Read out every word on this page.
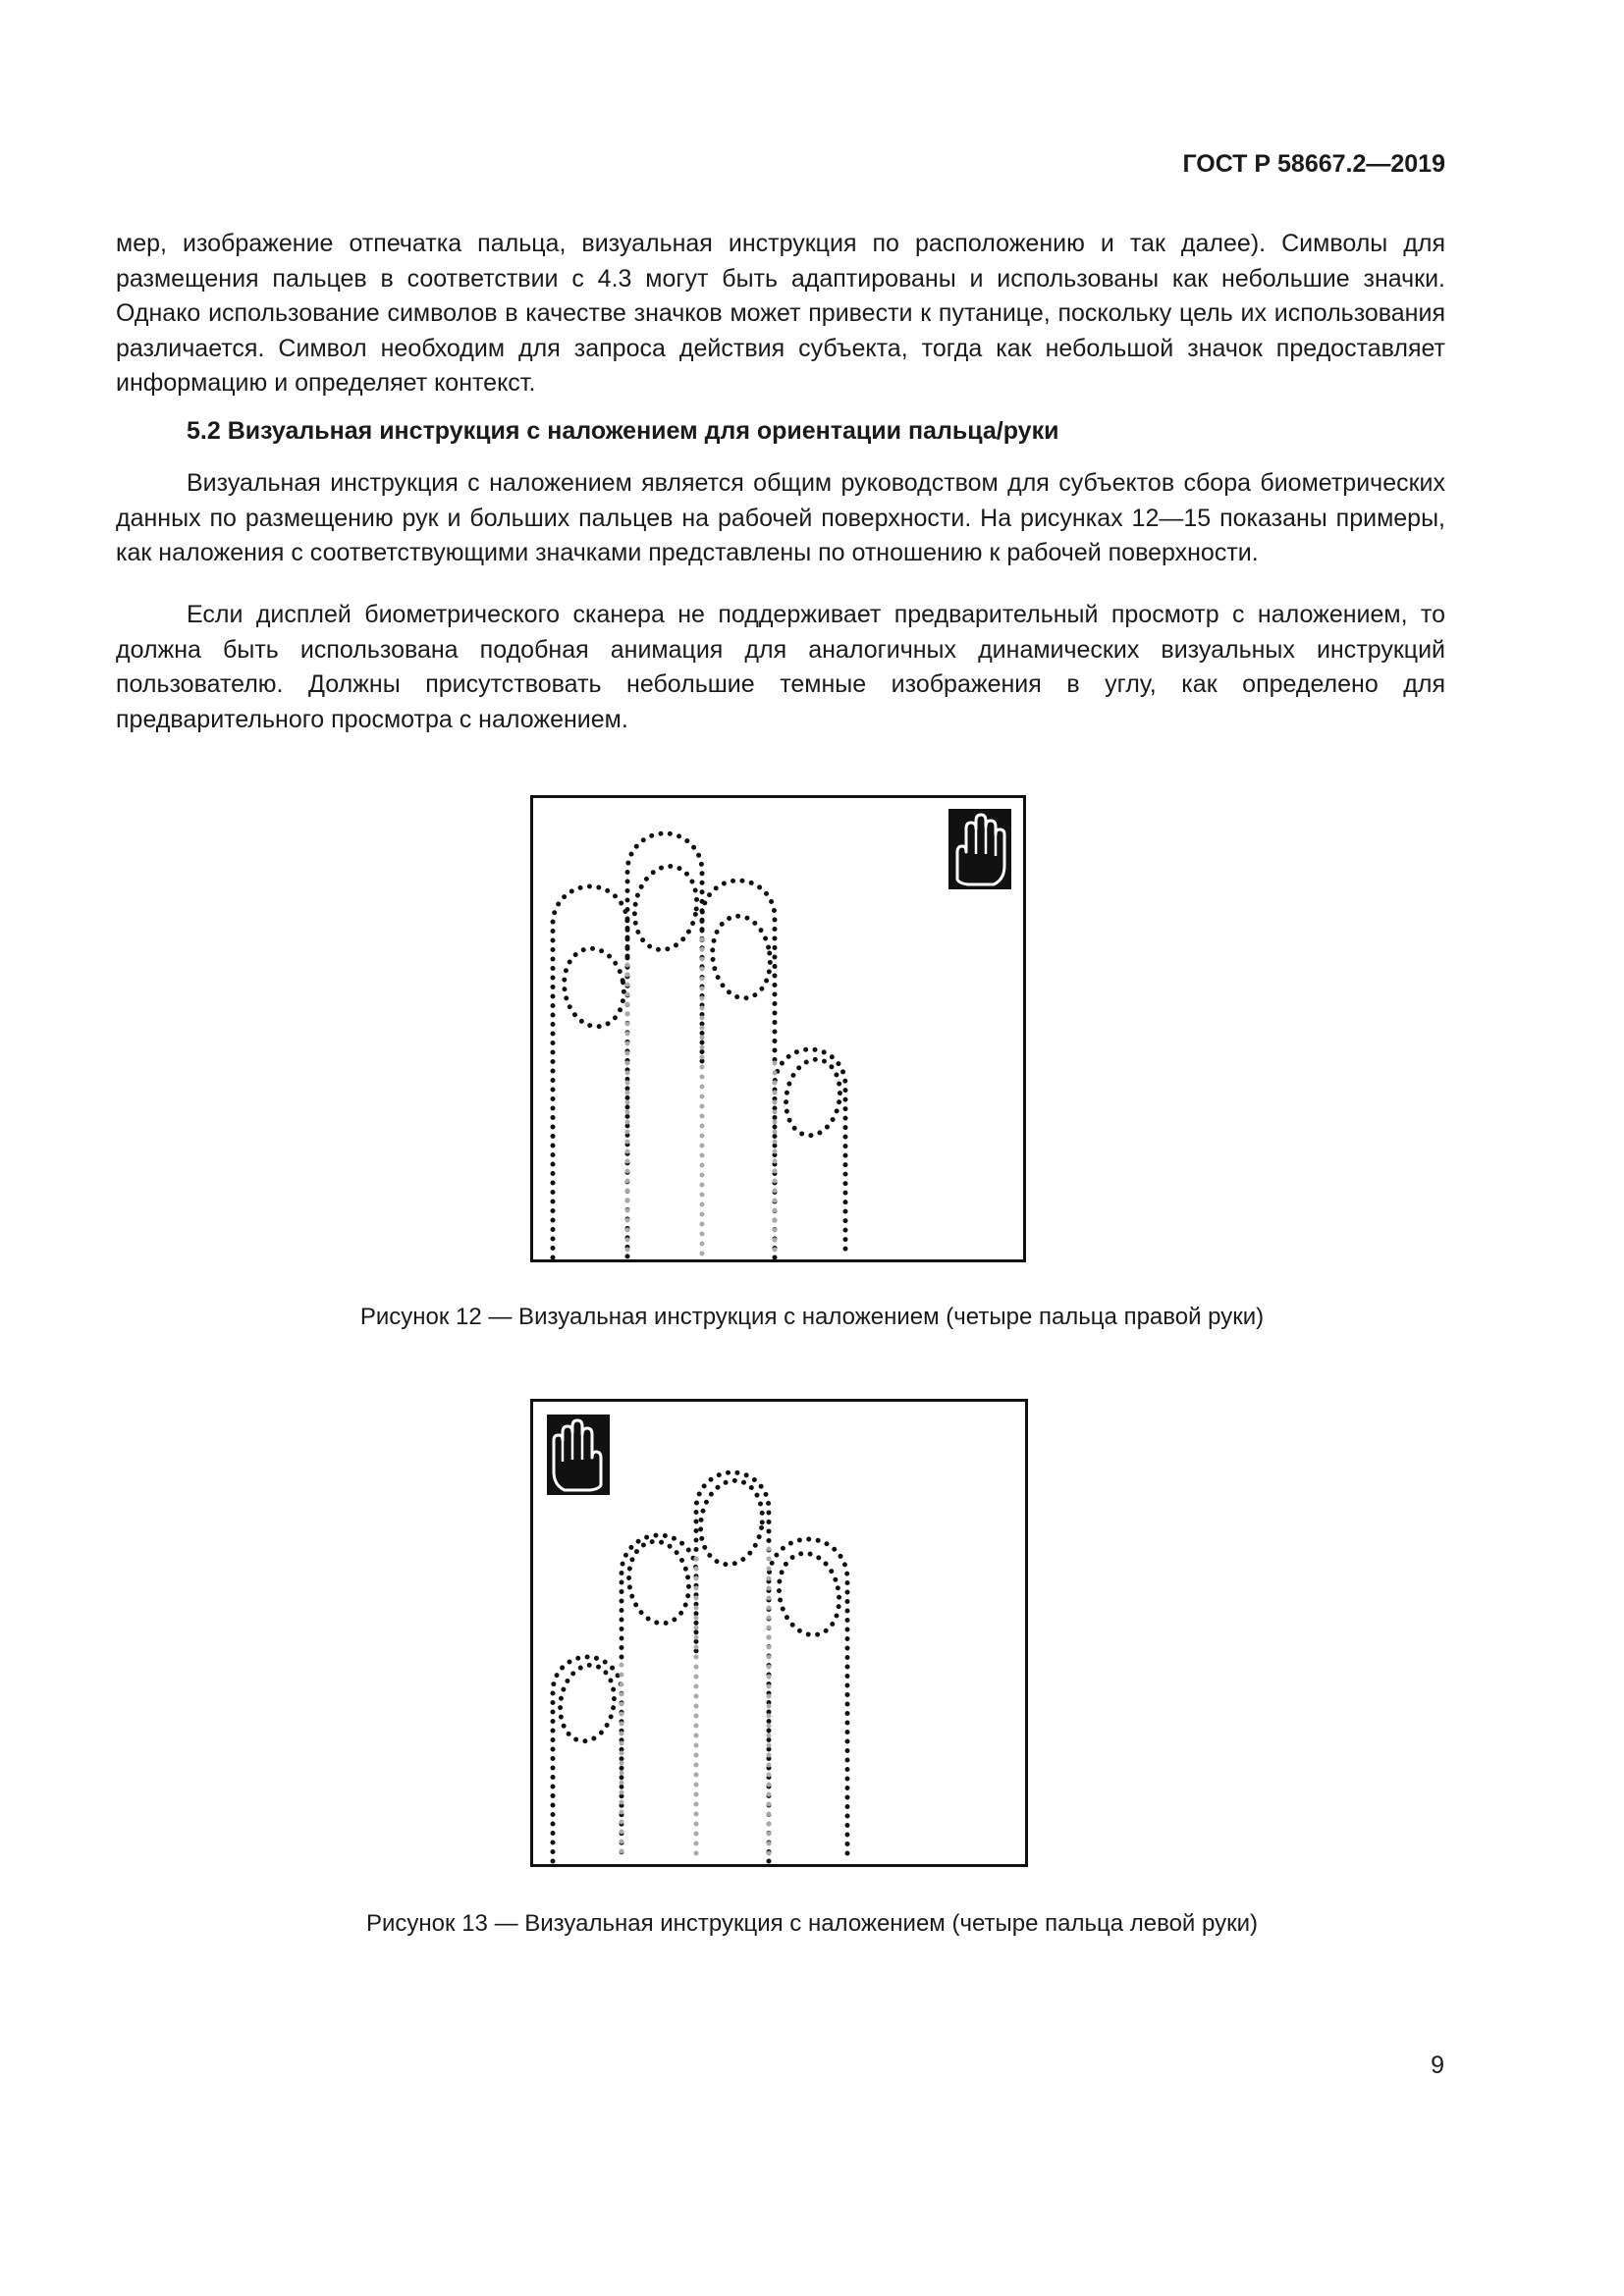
ГОСТ Р 58667.2—2019

мер, изображение отпечатка пальца, визуальная инструкция по расположению и так далее). Символы для размещения пальцев в соответствии с 4.3 могут быть адаптированы и использованы как небольшие значки. Однако использование символов в качестве значков может привести к путанице, поскольку цель их использования различается. Символ необходим для запроса действия субъекта, тогда как небольшой значок предоставляет информацию и определяет контекст.

5.2 Визуальная инструкция с наложением для ориентации пальца/руки

Визуальная инструкция с наложением является общим руководством для субъектов сбора биометрических данных по размещению рук и больших пальцев на рабочей поверхности. На рисунках 12—15 показаны примеры, как наложения с соответствующими значками представлены по отношению к рабочей поверхности.

Если дисплей биометрического сканера не поддерживает предварительный просмотр с наложением, то должна быть использована подобная анимация для аналогичных динамических визуальных инструкций пользователю. Должны присутствовать небольшие темные изображения в углу, как определено для предварительного просмотра с наложением.

Рисунок 12 — Визуальная инструкция с наложением (четыре пальца правой руки)

Рисунок 13 — Визуальная инструкция с наложением (четыре пальца левой руки)

9
